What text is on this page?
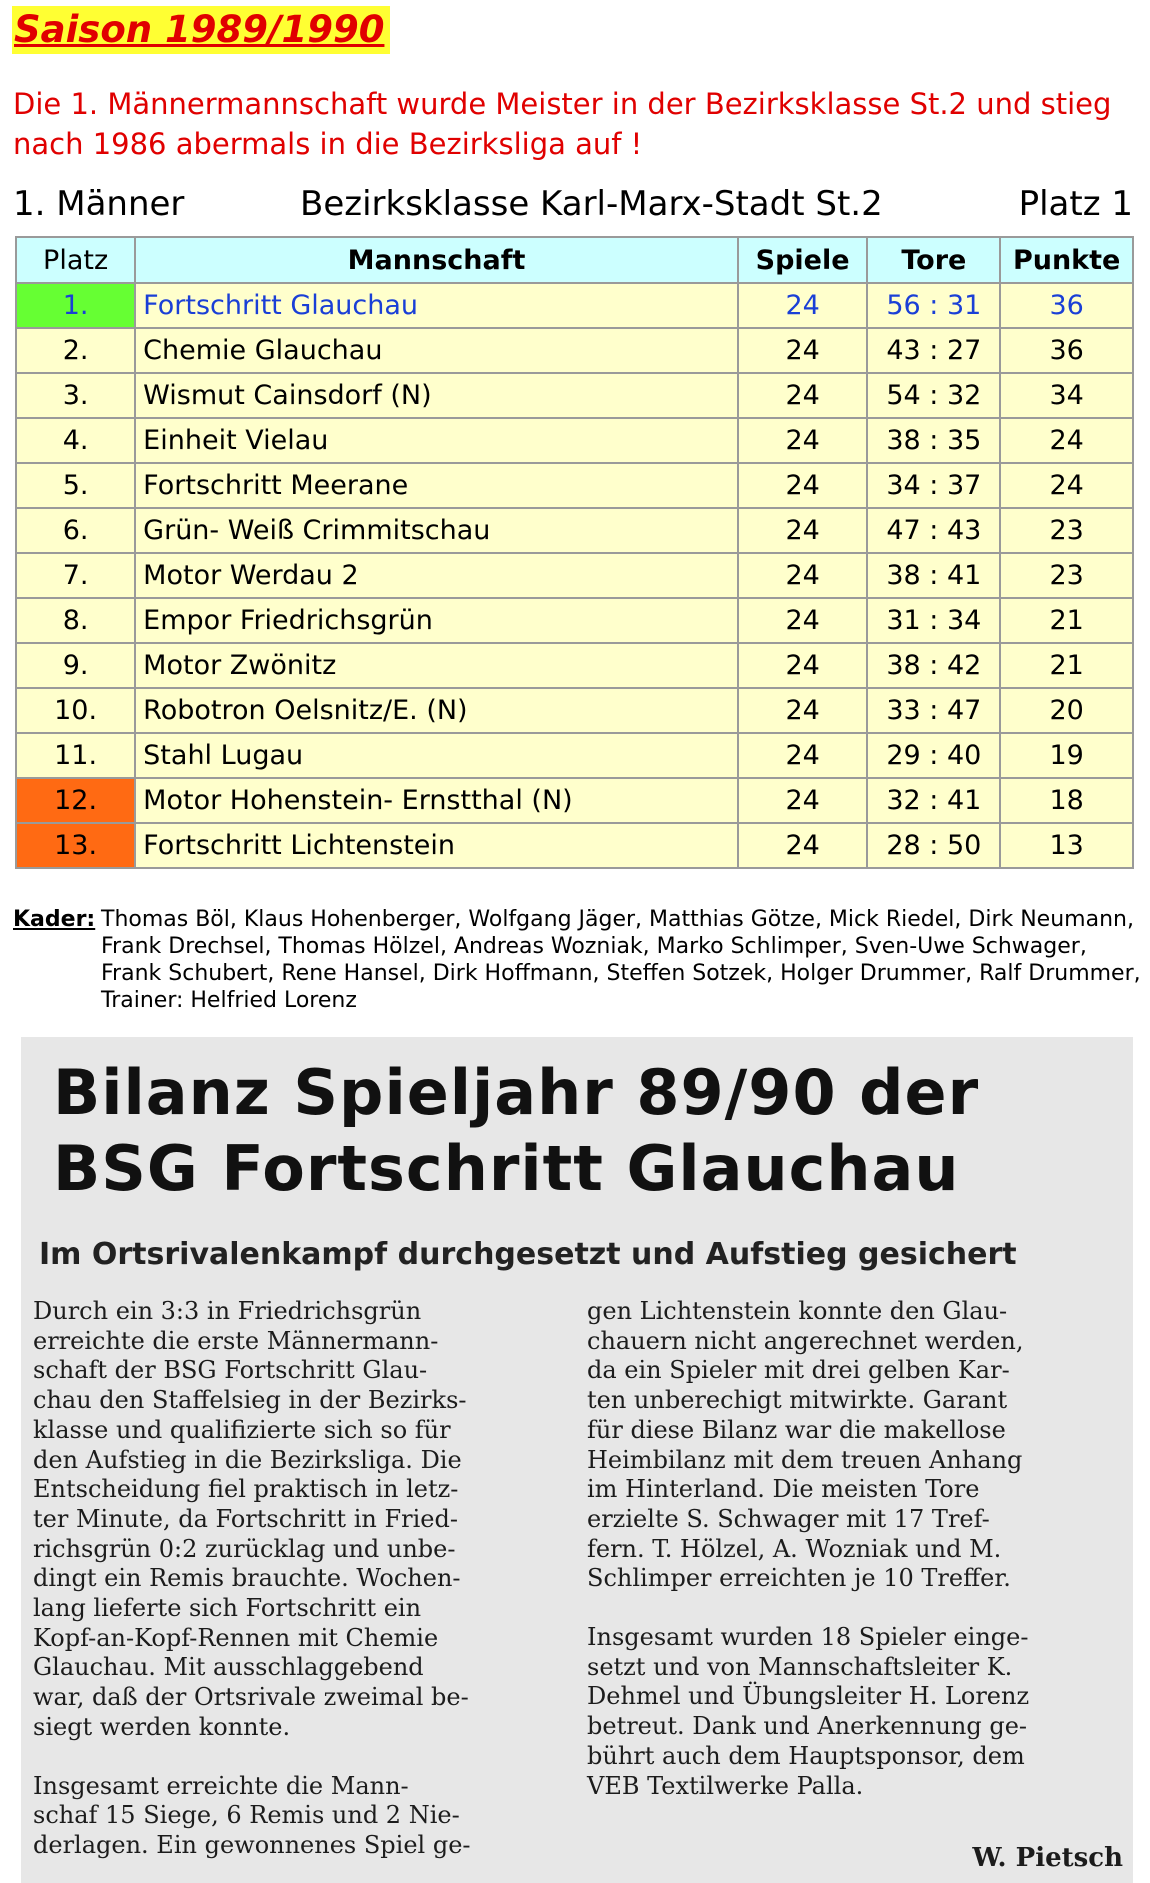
Saison 1989/1990

Die 1. Männermannschaft wurde Meister in der Bezirksklasse St.2 und stieg nach 1986 abermals in die Bezirksliga auf !

1. Männer	Bezirksklasse Karl-Marx-Stadt St.2	Platz 1
Platz	Mannschaft	Spiele	Tore	Punkte
1.	Fortschritt Glauchau	24	56 : 31	36
2.	Chemie Glauchau	24	43 : 27	36
3.	Wismut Cainsdorf (N)	24	54 : 32	34
4.	Einheit Vielau	24	38 : 35	24
5.	Fortschritt Meerane	24	34 : 37	24
6.	Grün- Weiß Crimmitschau	24	47 : 43	23
7.	Motor Werdau 2	24	38 : 41	23
8.	Empor Friedrichsgrün	24	31 : 34	21
9.	Motor Zwönitz	24	38 : 42	21
10.	Robotron Oelsnitz/E. (N)	24	33 : 47	20
11.	Stahl Lugau	24	29 : 40	19
12.	Motor Hohenstein- Ernstthal (N)	24	32 : 41	18
13.	Fortschritt Lichtenstein	24	28 : 50	13
Kader: Thomas Böl, Klaus Hohenberger, Wolfgang Jäger, Matthias Götze, Mick Riedel, Dirk Neumann,
Frank Drechsel, Thomas Hölzel, Andreas Wozniak, Marko Schlimper, Sven-Uwe Schwager,
Frank Schubert, Rene Hansel, Dirk Hoffmann, Steffen Sotzek, Holger Drummer, Ralf Drummer,
Trainer: Helfried Lorenz
Bilanz Spieljahr 89/90 der
BSG Fortschritt Glauchau
Im Ortsrivalenkampf durchgesetzt und Aufstieg gesichert
Durch ein 3:3 in Friedrichsgrün
erreichte die erste Männermann-
schaft der BSG Fortschritt Glau-
chau den Staffelsieg in der Bezirks-
klasse und qualifizierte sich so für
den Aufstieg in die Bezirksliga. Die
Entscheidung fiel praktisch in letz-
ter Minute, da Fortschritt in Fried-
richsgrün 0:2 zurücklag und unbe-
dingt ein Remis brauchte. Wochen-
lang lieferte sich Fortschritt ein
Kopf-an-Kopf-Rennen mit Chemie
Glauchau. Mit ausschlaggebend
war, daß der Ortsrivale zweimal be-
siegt werden konnte.
Insgesamt erreichte die Mann-
schaf 15 Siege, 6 Remis und 2 Nie-
derlagen. Ein gewonnenes Spiel ge-
gen Lichtenstein konnte den Glau-
chauern nicht angerechnet werden,
da ein Spieler mit drei gelben Kar-
ten unberechigt mitwirkte. Garant
für diese Bilanz war die makellose
Heimbilanz mit dem treuen Anhang
im Hinterland. Die meisten Tore
erzielte S. Schwager mit 17 Tref-
fern. T. Hölzel, A. Wozniak und M.
Schlimper erreichten je 10 Treffer.
Insgesamt wurden 18 Spieler einge-
setzt und von Mannschaftsleiter K.
Dehmel und Übungsleiter H. Lorenz
betreut. Dank und Anerkennung ge-
bührt auch dem Hauptsponsor, dem
VEB Textilwerke Palla.
W. Pietsch
